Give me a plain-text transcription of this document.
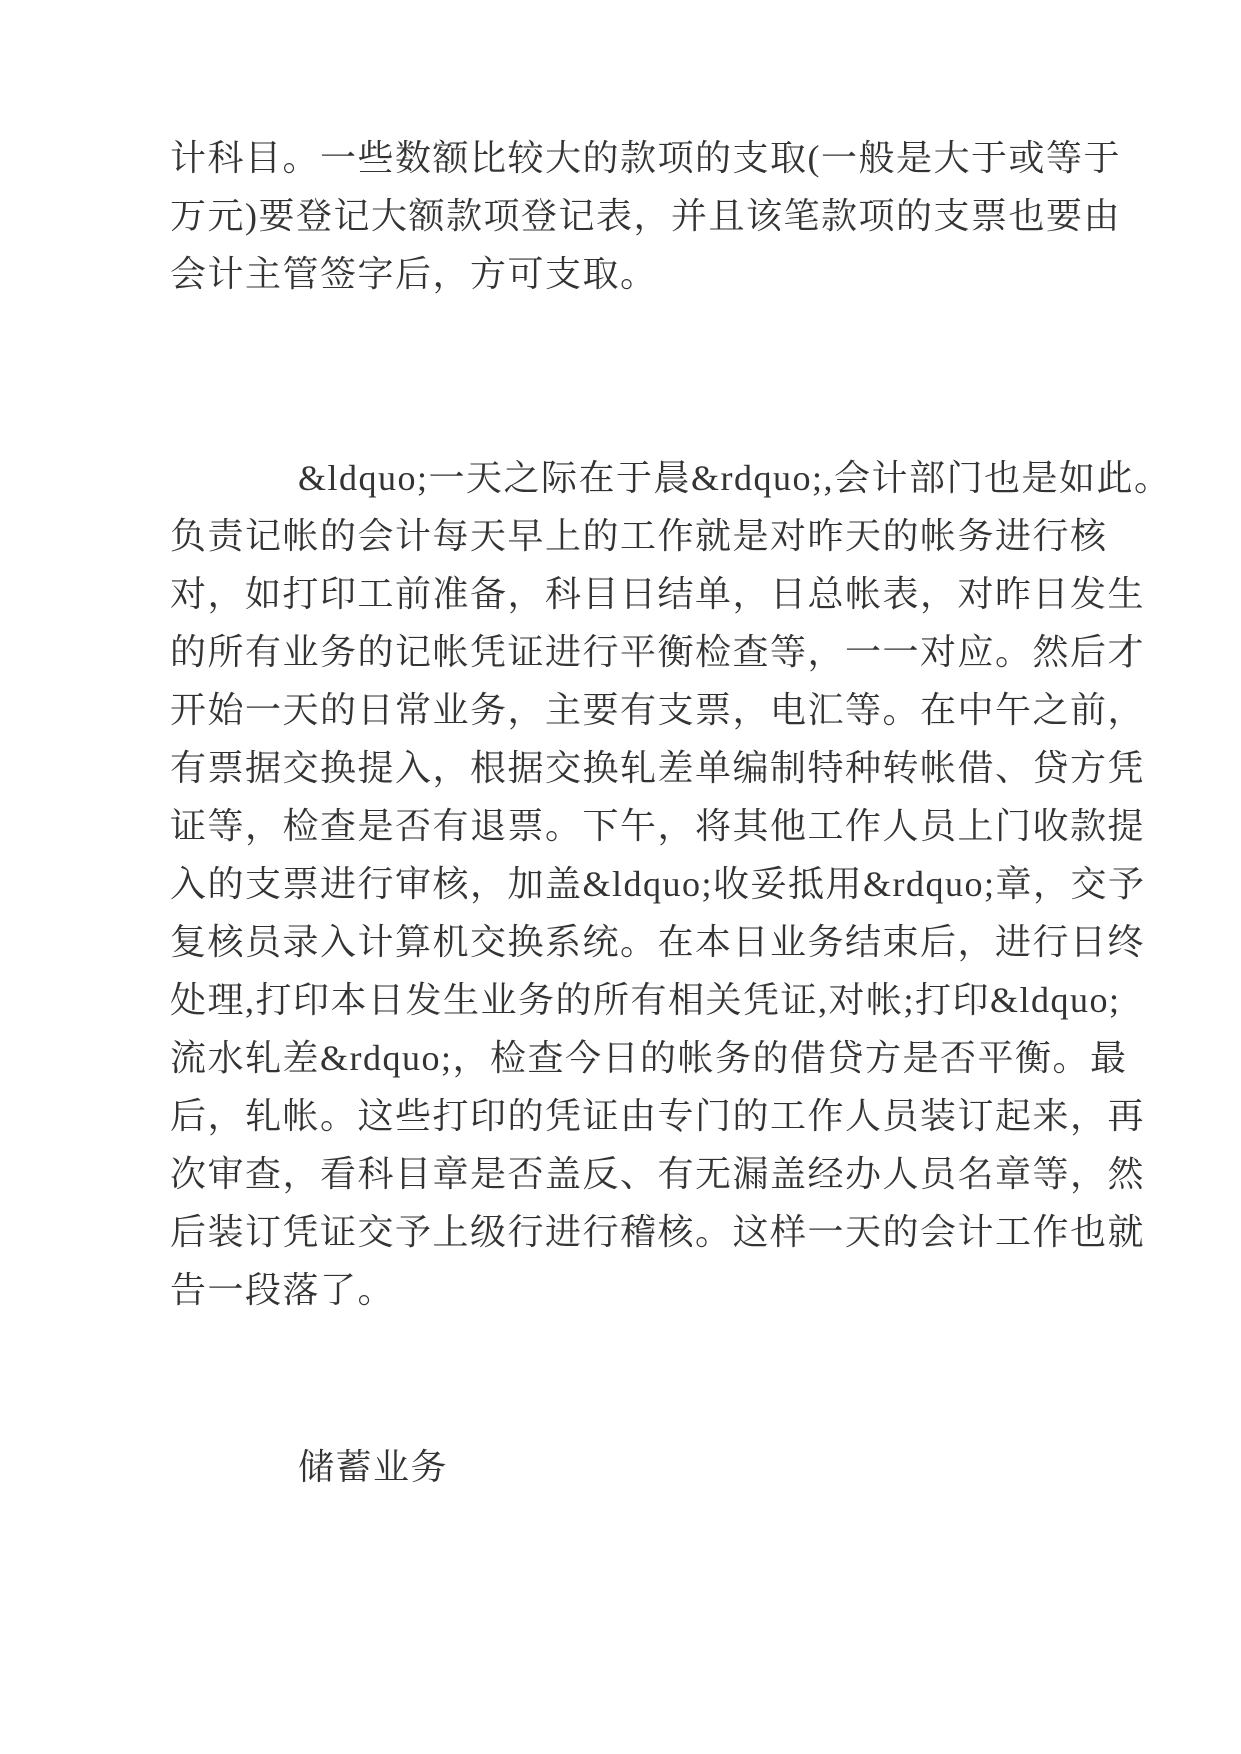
计科目。一些数额比较大的款项的支取(一般是大于或等于
万元)要登记大额款项登记表，并且该笔款项的支票也要由
会计主管签字后，方可支取。
&ldquo;一天之际在于晨&rdquo;,会计部门也是如此。
负责记帐的会计每天早上的工作就是对昨天的帐务进行核
对，如打印工前准备，科目日结单，日总帐表，对昨日发生
的所有业务的记帐凭证进行平衡检查等，一一对应。然后才
开始一天的日常业务，主要有支票，电汇等。在中午之前，
有票据交换提入，根据交换轧差单编制特种转帐借、贷方凭
证等，检查是否有退票。下午，将其他工作人员上门收款提
入的支票进行审核，加盖&ldquo;收妥抵用&rdquo;章，交予
复核员录入计算机交换系统。在本日业务结束后，进行日终
处理,打印本日发生业务的所有相关凭证,对帐;打印&ldquo;
流水轧差&rdquo;，检查今日的帐务的借贷方是否平衡。最
后，轧帐。这些打印的凭证由专门的工作人员装订起来，再
次审查，看科目章是否盖反、有无漏盖经办人员名章等，然
后装订凭证交予上级行进行稽核。这样一天的会计工作也就
告一段落了。
储蓄业务
